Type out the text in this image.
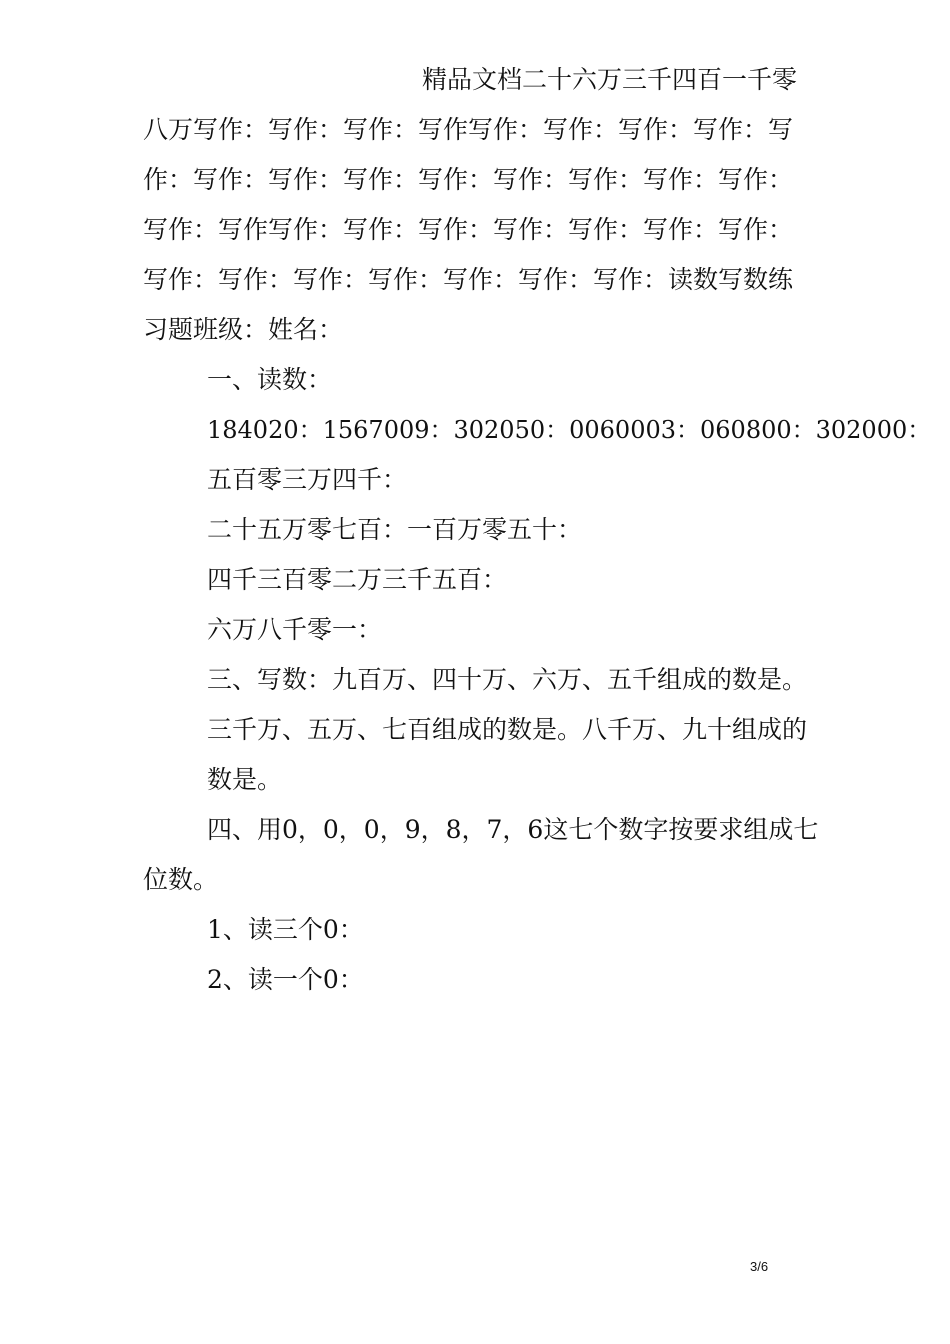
精品文档二十六万三千四百一千零
八万写作：写作：写作：写作写作：写作：写作：写作：写
作：写作：写作：写作：写作：写作：写作：写作：写作：
写作：写作写作：写作：写作：写作：写作：写作：写作：
写作：写作：写作：写作：写作：写作：写作：读数写数练
习题班级：姓名：
一、读数：
184020：1567009：302050：0060003：060800：302000：
五百零三万四千：
二十五万零七百：一百万零五十：
四千三百零二万三千五百：
六万八千零一：
三、写数：九百万、四十万、六万、五千组成的数是。
三千万、五万、七百组成的数是。八千万、九十组成的
数是。
四、用0，0，0，9，8，7，6这七个数字按要求组成七
位数。
1、读三个0：
2、读一个0：
3/6
